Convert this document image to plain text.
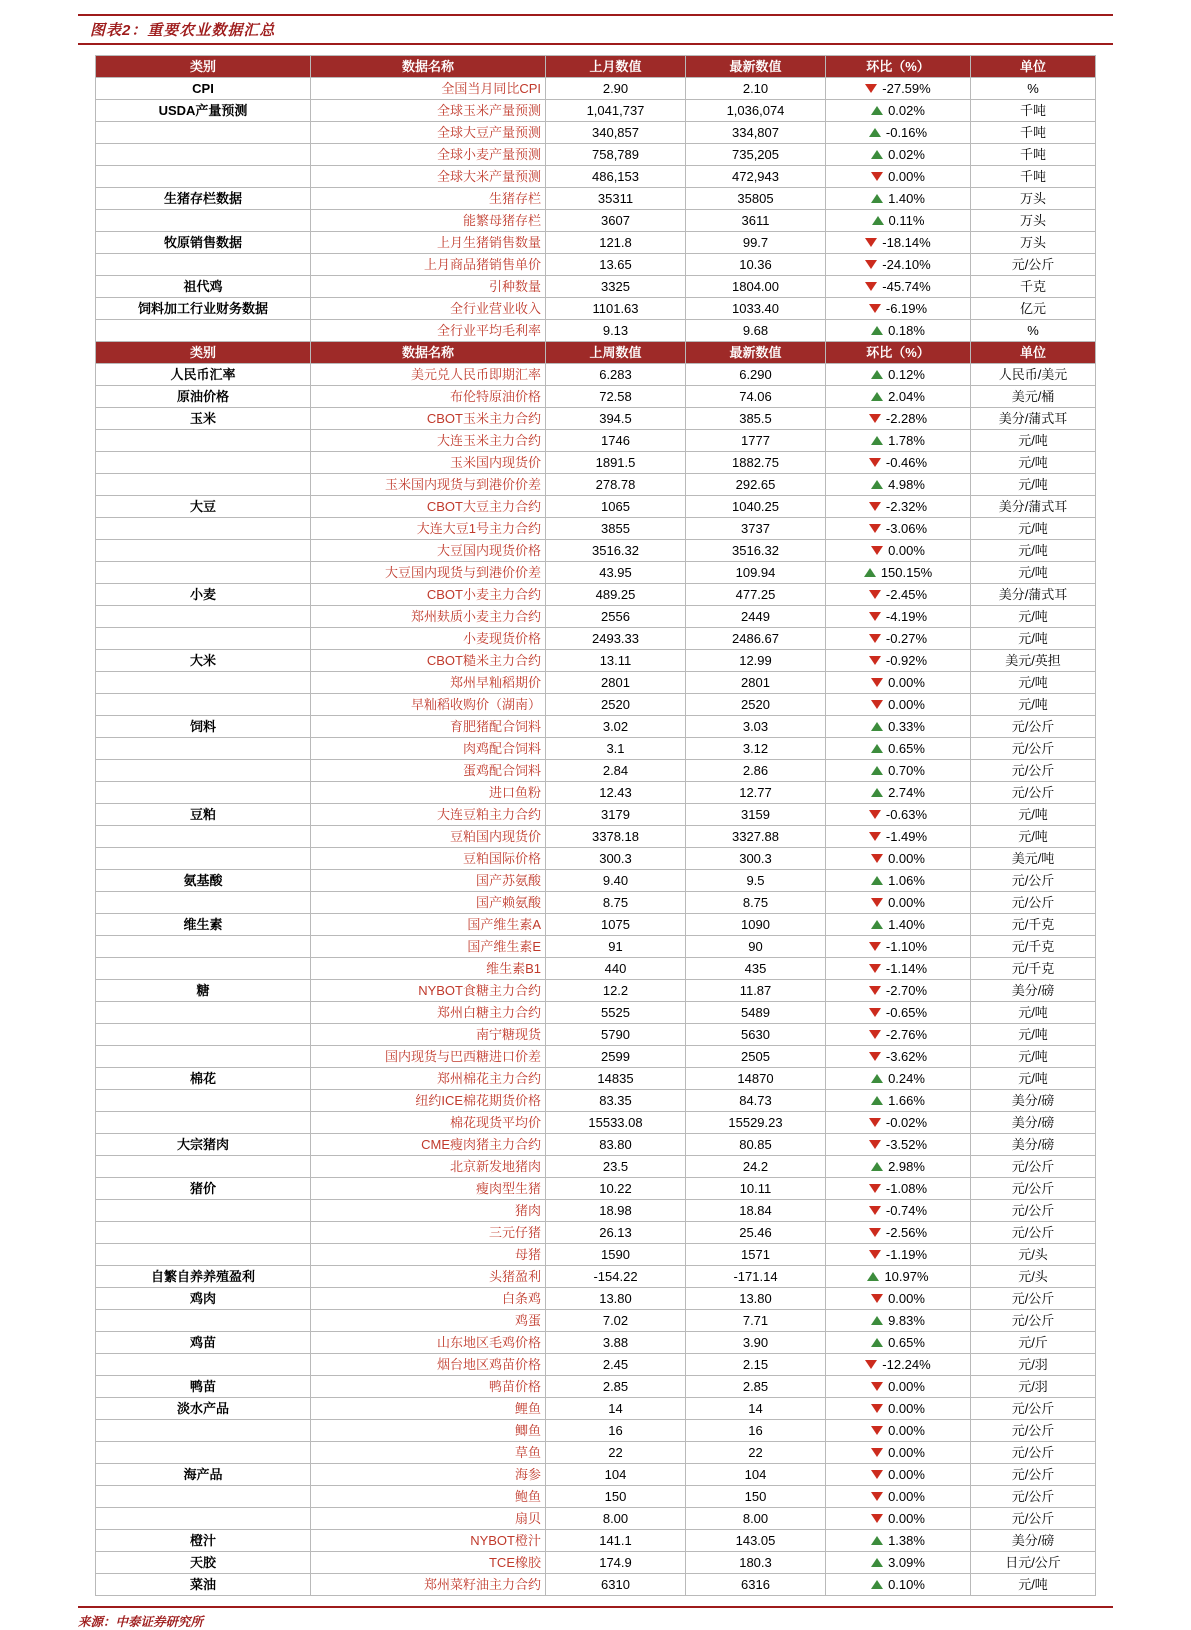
图表2：重要农业数据汇总
类别	数据名称	上月数值	最新数值	环比（%）	单位
CPI	全国当月同比CPI	2.90	2.10	-27.59%	%
USDA产量预测	全球玉米产量预测	1,041,737	1,036,074	0.02%	千吨
	全球大豆产量预测	340,857	334,807	-0.16%	千吨
	全球小麦产量预测	758,789	735,205	0.02%	千吨
	全球大米产量预测	486,153	472,943	0.00%	千吨
生猪存栏数据	生猪存栏	35311	35805	1.40%	万头
	能繁母猪存栏	3607	3611	0.11%	万头
牧原销售数据	上月生猪销售数量	121.8	99.7	-18.14%	万头
	上月商品猪销售单价	13.65	10.36	-24.10%	元/公斤
祖代鸡	引种数量	3325	1804.00	-45.74%	千克
饲料加工行业财务数据	全行业营业收入	1101.63	1033.40	-6.19%	亿元
	全行业平均毛利率	9.13	9.68	0.18%	%
类别	数据名称	上周数值	最新数值	环比（%）	单位
人民币汇率	美元兑人民币即期汇率	6.283	6.290	0.12%	人民币/美元
原油价格	布伦特原油价格	72.58	74.06	2.04%	美元/桶
玉米	CBOT玉米主力合约	394.5	385.5	-2.28%	美分/蒲式耳
	大连玉米主力合约	1746	1777	1.78%	元/吨
	玉米国内现货价	1891.5	1882.75	-0.46%	元/吨
	玉米国内现货与到港价价差	278.78	292.65	4.98%	元/吨
大豆	CBOT大豆主力合约	1065	1040.25	-2.32%	美分/蒲式耳
	大连大豆1号主力合约	3855	3737	-3.06%	元/吨
	大豆国内现货价格	3516.32	3516.32	0.00%	元/吨
	大豆国内现货与到港价价差	43.95	109.94	150.15%	元/吨
小麦	CBOT小麦主力合约	489.25	477.25	-2.45%	美分/蒲式耳
	郑州麸质小麦主力合约	2556	2449	-4.19%	元/吨
	小麦现货价格	2493.33	2486.67	-0.27%	元/吨
大米	CBOT糙米主力合约	13.11	12.99	-0.92%	美元/英担
	郑州早籼稻期价	2801	2801	0.00%	元/吨
	早籼稻收购价（湖南）	2520	2520	0.00%	元/吨
饲料	育肥猪配合饲料	3.02	3.03	0.33%	元/公斤
	肉鸡配合饲料	3.1	3.12	0.65%	元/公斤
	蛋鸡配合饲料	2.84	2.86	0.70%	元/公斤
	进口鱼粉	12.43	12.77	2.74%	元/公斤
豆粕	大连豆粕主力合约	3179	3159	-0.63%	元/吨
	豆粕国内现货价	3378.18	3327.88	-1.49%	元/吨
	豆粕国际价格	300.3	300.3	0.00%	美元/吨
氨基酸	国产苏氨酸	9.40	9.5	1.06%	元/公斤
	国产赖氨酸	8.75	8.75	0.00%	元/公斤
维生素	国产维生素A	1075	1090	1.40%	元/千克
	国产维生素E	91	90	-1.10%	元/千克
	维生素B1	440	435	-1.14%	元/千克
糖	NYBOT食糖主力合约	12.2	11.87	-2.70%	美分/磅
	郑州白糖主力合约	5525	5489	-0.65%	元/吨
	南宁糖现货	5790	5630	-2.76%	元/吨
	国内现货与巴西糖进口价差	2599	2505	-3.62%	元/吨
棉花	郑州棉花主力合约	14835	14870	0.24%	元/吨
	纽约ICE棉花期货价格	83.35	84.73	1.66%	美分/磅
	棉花现货平均价	15533.08	15529.23	-0.02%	美分/磅
大宗猪肉	CME瘦肉猪主力合约	83.80	80.85	-3.52%	美分/磅
	北京新发地猪肉	23.5	24.2	2.98%	元/公斤
猪价	瘦肉型生猪	10.22	10.11	-1.08%	元/公斤
	猪肉	18.98	18.84	-0.74%	元/公斤
	三元仔猪	26.13	25.46	-2.56%	元/公斤
	母猪	1590	1571	-1.19%	元/头
自繁自养养殖盈利	头猪盈利	-154.22	-171.14	10.97%	元/头
鸡肉	白条鸡	13.80	13.80	0.00%	元/公斤
	鸡蛋	7.02	7.71	9.83%	元/公斤
鸡苗	山东地区毛鸡价格	3.88	3.90	0.65%	元/斤
	烟台地区鸡苗价格	2.45	2.15	-12.24%	元/羽
鸭苗	鸭苗价格	2.85	2.85	0.00%	元/羽
淡水产品	鲤鱼	14	14	0.00%	元/公斤
	鲫鱼	16	16	0.00%	元/公斤
	草鱼	22	22	0.00%	元/公斤
海产品	海参	104	104	0.00%	元/公斤
	鲍鱼	150	150	0.00%	元/公斤
	扇贝	8.00	8.00	0.00%	元/公斤
橙汁	NYBOT橙汁	141.1	143.05	1.38%	美分/磅
天胶	TCE橡胶	174.9	180.3	3.09%	日元/公斤
菜油	郑州菜籽油主力合约	6310	6316	0.10%	元/吨
来源：中泰证券研究所
